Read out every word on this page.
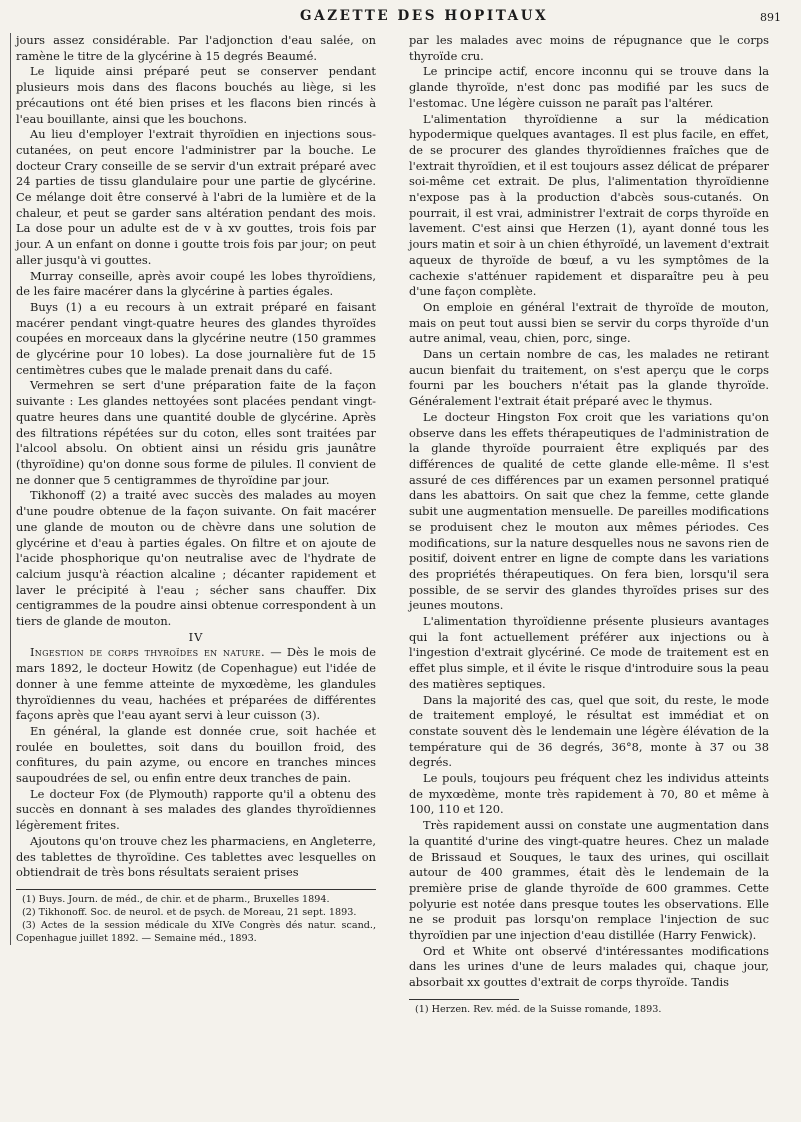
GAZETTE DES HOPITAUX	891

jours assez considérable. Par l'adjonction d'eau salée, on ramène le titre de la glycérine à 15 degrés Beaumé.

Le liquide ainsi préparé peut se conserver pendant plusieurs mois dans des flacons bouchés au liège, si les précautions ont été bien prises et les flacons bien rincés à l'eau bouillante, ainsi que les bouchons.

Au lieu d'employer l'extrait thyroïdien en injections sous-cutanées, on peut encore l'administrer par la bouche. Le docteur Crary conseille de se servir d'un extrait préparé avec 24 parties de tissu glandulaire pour une partie de glycérine. Ce mélange doit être conservé à l'abri de la lumière et de la chaleur, et peut se garder sans altération pendant des mois. La dose pour un adulte est de v à xv gouttes, trois fois par jour. A un enfant on donne i goutte trois fois par jour; on peut aller jusqu'à vi gouttes.

Murray conseille, après avoir coupé les lobes thyroïdiens, de les faire macérer dans la glycérine à parties égales.

Buys (1) a eu recours à un extrait préparé en faisant macérer pendant vingt-quatre heures des glandes thyroïdes coupées en morceaux dans la glycérine neutre (150 grammes de glycérine pour 10 lobes). La dose journalière fut de 15 centimètres cubes que le malade prenait dans du café.

Vermehren se sert d'une préparation faite de la façon suivante : Les glandes nettoyées sont placées pendant vingt-quatre heures dans une quantité double de glycérine. Après des filtrations répétées sur du coton, elles sont traitées par l'alcool absolu. On obtient ainsi un résidu gris jaunâtre (thyroïdine) qu'on donne sous forme de pilules. Il convient de ne donner que 5 centigrammes de thyroïdine par jour.

Tikhonoff (2) a traité avec succès des malades au moyen d'une poudre obtenue de la façon suivante. On fait macérer une glande de mouton ou de chèvre dans une solution de glycérine et d'eau à parties égales. On filtre et on ajoute de l'acide phosphorique qu'on neutralise avec de l'hydrate de calcium jusqu'à réaction alcaline ; décanter rapidement et laver le précipité à l'eau ; sécher sans chauffer. Dix centigrammes de la poudre ainsi obtenue correspondent à un tiers de glande de mouton.

IV

Ingestion de corps thyroïdes en nature. — Dès le mois de mars 1892, le docteur Howitz (de Copenhague) eut l'idée de donner à une femme atteinte de myxœdème, les glandules thyroïdiennes du veau, hachées et préparées de différentes façons après que l'eau ayant servi à leur cuisson (3).

En général, la glande est donnée crue, soit hachée et roulée en boulettes, soit dans du bouillon froid, des confitures, du pain azyme, ou encore en tranches minces saupoudrées de sel, ou enfin entre deux tranches de pain.

Le docteur Fox (de Plymouth) rapporte qu'il a obtenu des succès en donnant à ses malades des glandes thyroïdiennes légèrement frites.

Ajoutons qu'on trouve chez les pharmaciens, en Angleterre, des tablettes de thyroïdine. Ces tablettes avec lesquelles on obtiendrait de très bons résultats seraient prises

(1) Buys. Journ. de méd., de chir. et de pharm., Bruxelles 1894.

(2) Tikhonoff. Soc. de neurol. et de psych. de Moreau, 21 sept. 1893.

(3) Actes de la session médicale du XIVe Congrès dés natur. scand., Copenhague juillet 1892. — Semaine méd., 1893.

par les malades avec moins de répugnance que le corps thyroïde cru.

Le principe actif, encore inconnu qui se trouve dans la glande thyroïde, n'est donc pas modifié par les sucs de l'estomac. Une légère cuisson ne paraît pas l'altérer.

L'alimentation thyroïdienne a sur la médication hypodermique quelques avantages. Il est plus facile, en effet, de se procurer des glandes thyroïdiennes fraîches que de l'extrait thyroïdien, et il est toujours assez délicat de préparer soi-même cet extrait. De plus, l'alimentation thyroïdienne n'expose pas à la production d'abcès sous-cutanés. On pourrait, il est vrai, administrer l'extrait de corps thyroïde en lavement. C'est ainsi que Herzen (1), ayant donné tous les jours matin et soir à un chien éthyroïdé, un lavement d'extrait aqueux de thyroïde de bœuf, a vu les symptômes de la cachexie s'atténuer rapidement et disparaître peu à peu d'une façon complète.

On emploie en général l'extrait de thyroïde de mouton, mais on peut tout aussi bien se servir du corps thyroïde d'un autre animal, veau, chien, porc, singe.

Dans un certain nombre de cas, les malades ne retirant aucun bienfait du traitement, on s'est aperçu que le corps fourni par les bouchers n'était pas la glande thyroïde. Généralement l'extrait était préparé avec le thymus.

Le docteur Hingston Fox croit que les variations qu'on observe dans les effets thérapeutiques de l'administration de la glande thyroïde pourraient être expliqués par des différences de qualité de cette glande elle-même. Il s'est assuré de ces différences par un examen personnel pratiqué dans les abattoirs. On sait que chez la femme, cette glande subit une augmentation mensuelle. De pareilles modifications se produisent chez le mouton aux mêmes périodes. Ces modifications, sur la nature desquelles nous ne savons rien de positif, doivent entrer en ligne de compte dans les variations des propriétés thérapeutiques. On fera bien, lorsqu'il sera possible, de se servir des glandes thyroïdes prises sur des jeunes moutons.

L'alimentation thyroïdienne présente plusieurs avantages qui la font actuellement préférer aux injections ou à l'ingestion d'extrait glycériné. Ce mode de traitement est en effet plus simple, et il évite le risque d'introduire sous la peau des matières septiques.

Dans la majorité des cas, quel que soit, du reste, le mode de traitement employé, le résultat est immédiat et on constate souvent dès le lendemain une légère élévation de la température qui de 36 degrés, 36°8, monte à 37 ou 38 degrés.

Le pouls, toujours peu fréquent chez les individus atteints de myxœdème, monte très rapidement à 70, 80 et même à 100, 110 et 120.

Très rapidement aussi on constate une augmentation dans la quantité d'urine des vingt-quatre heures. Chez un malade de Brissaud et Souques, le taux des urines, qui oscillait autour de 400 grammes, était dès le lendemain de la première prise de glande thyroïde de 600 grammes. Cette polyurie est notée dans presque toutes les observations. Elle ne se produit pas lorsqu'on remplace l'injection de suc thyroïdien par une injection d'eau distillée (Harry Fenwick).

Ord et White ont observé d'intéressantes modifications dans les urines d'une de leurs malades qui, chaque jour, absorbait xx gouttes d'extrait de corps thyroïde. Tandis

(1) Herzen. Rev. méd. de la Suisse romande, 1893.
